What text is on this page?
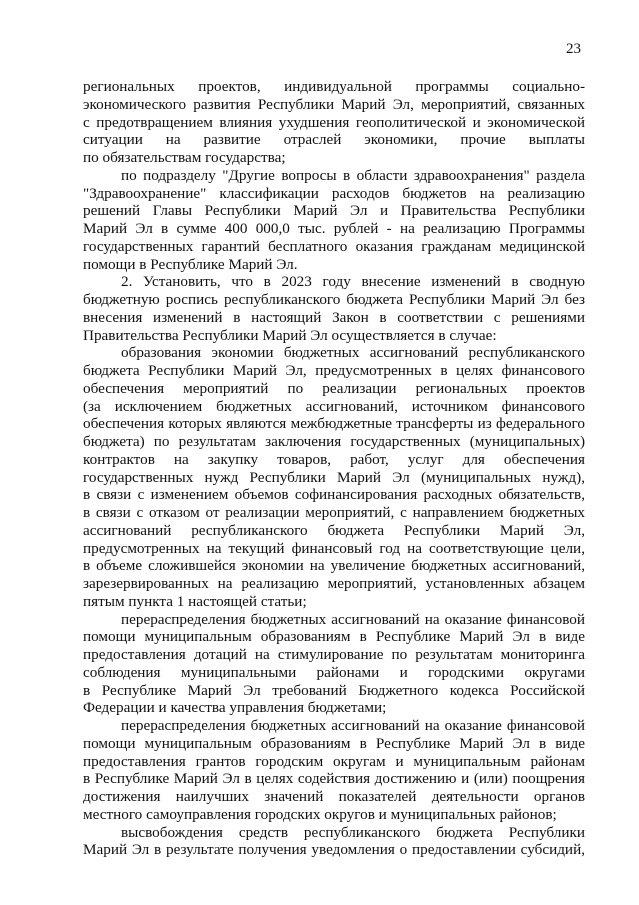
23
региональных проектов, индивидуальной программы социально-
экономического развития Республики Марий Эл, мероприятий, связанных
с предотвращением влияния ухудшения геополитической и экономической
ситуации на развитие отраслей экономики, прочие выплаты
по обязательствам государства;
по подразделу "Другие вопросы в области здравоохранения" раздела
"Здравоохранение" классификации расходов бюджетов на реализацию
решений Главы Республики Марий Эл и Правительства Республики
Марий Эл в сумме 400 000,0 тыс. рублей - на реализацию Программы
государственных гарантий бесплатного оказания гражданам медицинской
помощи в Республике Марий Эл.
2. Установить, что в 2023 году внесение изменений в сводную
бюджетную роспись республиканского бюджета Республики Марий Эл без
внесения изменений в настоящий Закон в соответствии с решениями
Правительства Республики Марий Эл осуществляется в случае:
образования экономии бюджетных ассигнований республиканского
бюджета Республики Марий Эл, предусмотренных в целях финансового
обеспечения мероприятий по реализации региональных проектов
(за исключением бюджетных ассигнований, источником финансового
обеспечения которых являются межбюджетные трансферты из федерального
бюджета) по результатам заключения государственных (муниципальных)
контрактов на закупку товаров, работ, услуг для обеспечения
государственных нужд Республики Марий Эл (муниципальных нужд),
в связи с изменением объемов софинансирования расходных обязательств,
в связи с отказом от реализации мероприятий, с направлением бюджетных
ассигнований республиканского бюджета Республики Марий Эл,
предусмотренных на текущий финансовый год на соответствующие цели,
в объеме сложившейся экономии на увеличение бюджетных ассигнований,
зарезервированных на реализацию мероприятий, установленных абзацем
пятым пункта 1 настоящей статьи;
перераспределения бюджетных ассигнований на оказание финансовой
помощи муниципальным образованиям в Республике Марий Эл в виде
предоставления дотаций на стимулирование по результатам мониторинга
соблюдения муниципальными районами и городскими округами
в Республике Марий Эл требований Бюджетного кодекса Российской
Федерации и качества управления бюджетами;
перераспределения бюджетных ассигнований на оказание финансовой
помощи муниципальным образованиям в Республике Марий Эл в виде
предоставления грантов городским округам и муниципальным районам
в Республике Марий Эл в целях содействия достижению и (или) поощрения
достижения наилучших значений показателей деятельности органов
местного самоуправления городских округов и муниципальных районов;
высвобождения средств республиканского бюджета Республики
Марий Эл в результате получения уведомления о предоставлении субсидий,
